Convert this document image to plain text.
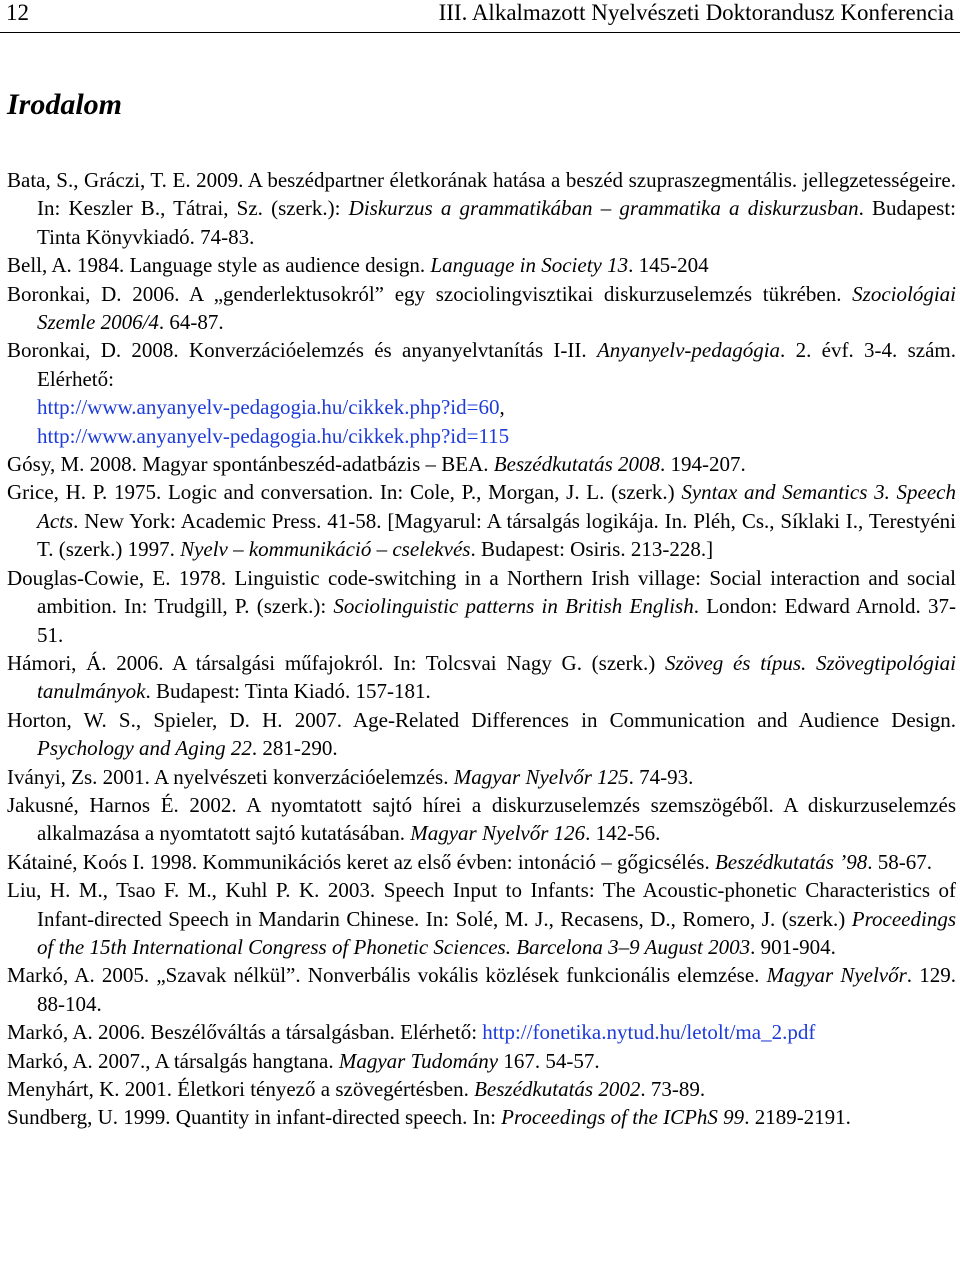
12	III. Alkalmazott Nyelvészeti Doktorandusz Konferencia
Irodalom

Bata, S., Gráczi, T. E. 2009. A beszédpartner életkorának hatása a beszéd szupraszegmentális. jellegzetességeire. In: Keszler B., Tátrai, Sz. (szerk.): Diskurzus a grammatikában – grammatika a diskurzusban. Budapest: Tinta Könyvkiadó. 74-83.

Bell, A. 1984. Language style as audience design. Language in Society 13. 145-204

Boronkai, D. 2006. A „genderlektusokról” egy szociolingvisztikai diskurzuselemzés tükrében. Szociológiai Szemle 2006/4. 64-87.

Boronkai, D. 2008. Konverzációelemzés és anyanyelvtanítás I-II. Anyanyelv-pedagógia. 2. évf. 3-4. szám. Elérhető:
http://www.anyanyelv-pedagogia.hu/cikkek.php?id=60,
http://www.anyanyelv-pedagogia.hu/cikkek.php?id=115

Gósy, M. 2008. Magyar spontánbeszéd-adatbázis – BEA. Beszédkutatás 2008. 194-207.

Grice, H. P. 1975. Logic and conversation. In: Cole, P., Morgan, J. L. (szerk.) Syntax and Semantics 3. Speech Acts. New York: Academic Press. 41-58. [Magyarul: A társalgás logikája. In. Pléh, Cs., Síklaki I., Terestyéni T. (szerk.) 1997. Nyelv – kommunikáció – cselekvés. Budapest: Osiris. 213-228.]

Douglas-Cowie, E. 1978. Linguistic code-switching in a Northern Irish village: Social interaction and social ambition. In: Trudgill, P. (szerk.): Sociolinguistic patterns in British English. London: Edward Arnold. 37-51.

Hámori, Á. 2006. A társalgási műfajokról. In: Tolcsvai Nagy G. (szerk.) Szöveg és típus. Szövegtipológiai tanulmányok. Budapest: Tinta Kiadó. 157-181.

Horton, W. S., Spieler, D. H. 2007. Age-Related Differences in Communication and Audience Design. Psychology and Aging 22. 281-290.

Iványi, Zs. 2001. A nyelvészeti konverzációelemzés. Magyar Nyelvőr 125. 74-93.

Jakusné, Harnos É. 2002. A nyomtatott sajtó hírei a diskurzuselemzés szemszögéből. A diskurzuselemzés alkalmazása a nyomtatott sajtó kutatásában. Magyar Nyelvőr 126. 142-56.

Kátainé, Koós I. 1998. Kommunikációs keret az első évben: intonáció – gőgicsélés. Beszédkutatás ’98. 58-67.

Liu, H. M., Tsao F. M., Kuhl P. K. 2003. Speech Input to Infants: The Acoustic-phonetic Characteristics of Infant-directed Speech in Mandarin Chinese. In: Solé, M. J., Recasens, D., Romero, J. (szerk.) Proceedings of the 15th International Congress of Phonetic Sciences. Barcelona 3–9 August 2003. 901-904.

Markó, A. 2005. „Szavak nélkül”. Nonverbális vokális közlések funkcionális elemzése. Magyar Nyelvőr. 129. 88-104.

Markó, A. 2006. Beszélőváltás a társalgásban. Elérhető: http://fonetika.nytud.hu/letolt/ma_2.pdf

Markó, A. 2007., A társalgás hangtana. Magyar Tudomány 167. 54-57.

Menyhárt, K. 2001. Életkori tényező a szövegértésben. Beszédkutatás 2002. 73-89.

Sundberg, U. 1999. Quantity in infant-directed speech. In: Proceedings of the ICPhS 99. 2189-2191.
